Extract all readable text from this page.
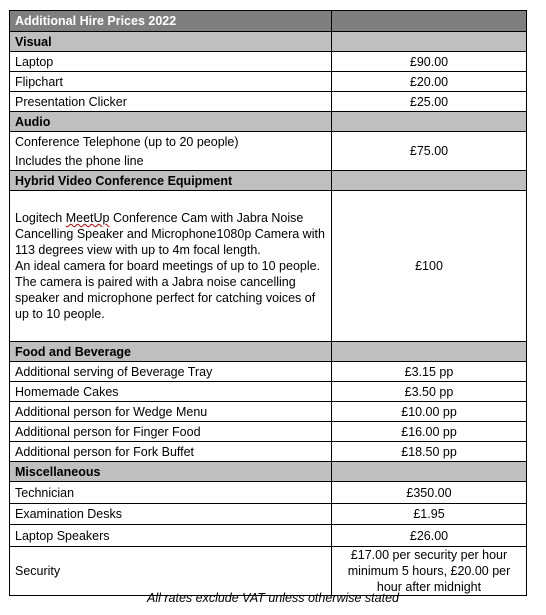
Additional Hire Prices 2022	
Visual	
Laptop	£90.00
Flipchart	£20.00
Presentation Clicker	£25.00
Audio	

Conference Telephone (up to 20 people)
Includes the phone line	£75.00
Hybrid Video Conference Equipment	

Logitech MeetUp Conference Cam with Jabra Noise Cancelling Speaker and Microphone1080p Camera with 113 degrees view with up to 4m focal length.
An ideal camera for board meetings of up to 10 people.
The camera is paired with a Jabra noise cancelling speaker and microphone perfect for catching voices of up to 10 people.	£100
Food and Beverage	
Additional serving of Beverage Tray	£3.15 pp
Homemade Cakes	£3.50 pp
Additional person for Wedge Menu	£10.00 pp
Additional person for Finger Food	£16.00 pp
Additional person for Fork Buffet	£18.50 pp
Miscellaneous	
Technician	£350.00
Examination Desks	£1.95
Laptop Speakers	£26.00
Security	£17.00 per security per hour
minimum 5 hours, £20.00 per
hour after midnight
All rates exclude VAT unless otherwise stated
